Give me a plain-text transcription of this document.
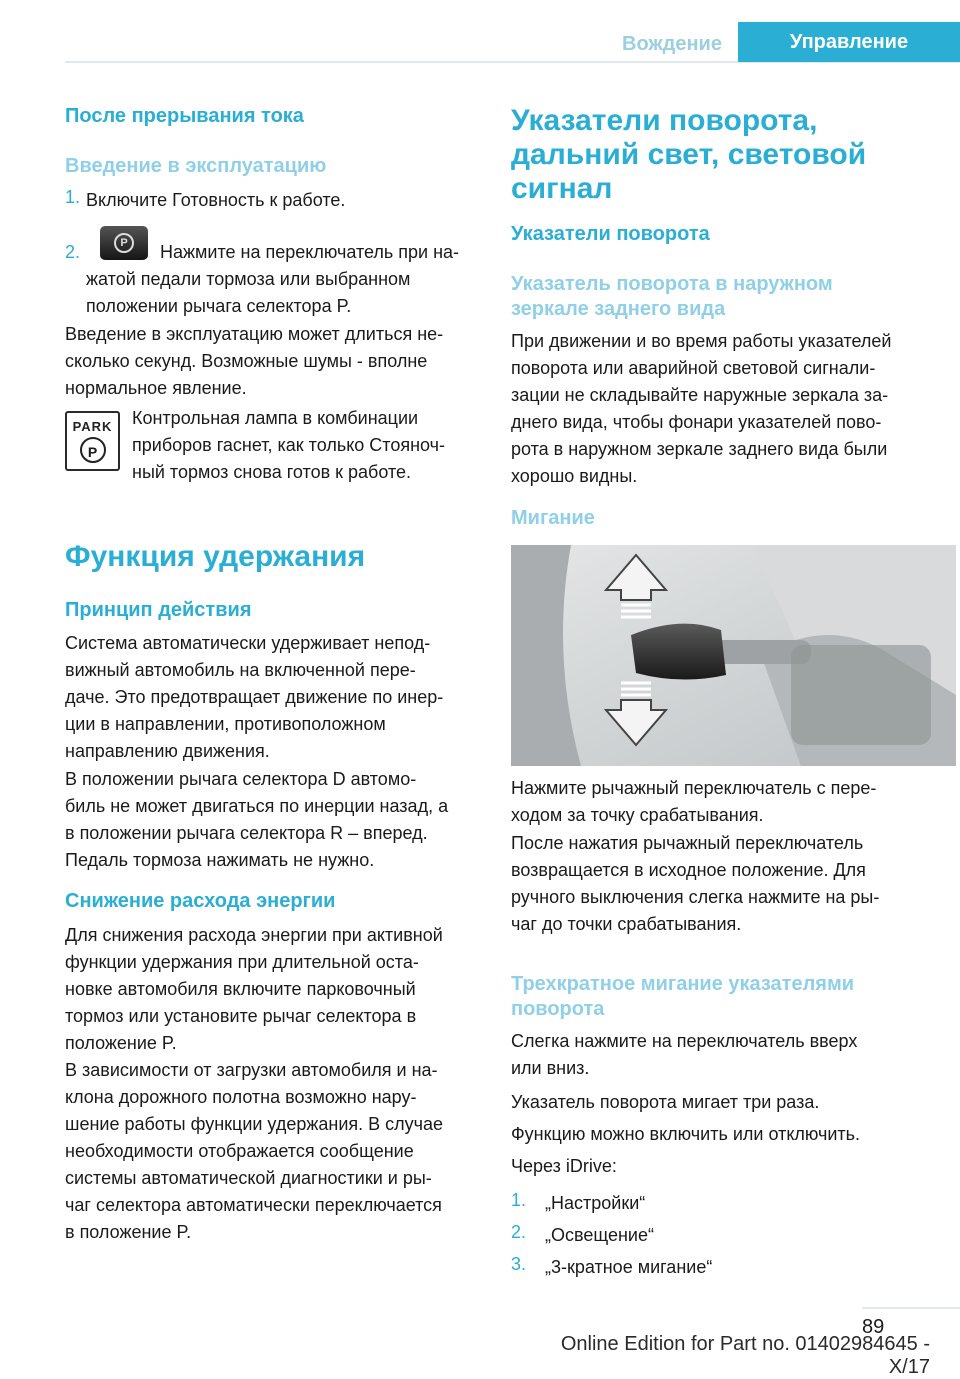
Вождение	Управление
После прерывания тока
Введение в эксплуатацию
1. Включите Готовность к работе.
2.	P	Нажмите на переключатель при на-
жатой педали тормоза или выбранном
положении рычага селектора P.
Введение в эксплуатацию может длиться не-
сколько секунд. Возможные шумы - вполне
нормальное явление.
PARK
P
Контрольная лампа в комбинации
приборов гаснет, как только Стояноч-
ный тормоз снова готов к работе.
Функция удержания
Принцип действия
Система автоматически удерживает непод-
вижный автомобиль на включенной пере-
даче. Это предотвращает движение по инер-
ции в направлении, противоположном
направлению движения.
В положении рычага селектора D автомо-
биль не может двигаться по инерции назад, а
в положении рычага селектора R – вперед.
Педаль тормоза нажимать не нужно.
Снижение расхода энергии
Для снижения расхода энергии при активной
функции удержания при длительной оста-
новке автомобиля включите парковочный
тормоз или установите рычаг селектора в
положение P.
В зависимости от загрузки автомобиля и на-
клона дорожного полотна возможно нару-
шение работы функции удержания. В случае
необходимости отображается сообщение
системы автоматической диагностики и ры-
чаг селектора автоматически переключается
в положение P.
Указатели поворота,
дальний свет, световой
сигнал
Указатели поворота
Указатель поворота в наружном
зеркале заднего вида
При движении и во время работы указателей
поворота или аварийной световой сигнали-
зации не складывайте наружные зеркала за-
днего вида, чтобы фонари указателей пово-
рота в наружном зеркале заднего вида были
хорошо видны.
Мигание
Нажмите рычажный переключатель с пере-
ходом за точку срабатывания.
После нажатия рычажный переключатель
возвращается в исходное положение. Для
ручного выключения слегка нажмите на ры-
чаг до точки срабатывания.
Трехкратное мигание указателями
поворота
Слегка нажмите на переключатель вверх
или вниз.
Указатель поворота мигает три раза.
Функцию можно включить или отключить.
Через iDrive:
1. „Настройки“
2. „Освещение“
3. „3-кратное мигание“
89
Online Edition for Part no. 01402984645 - X/17
